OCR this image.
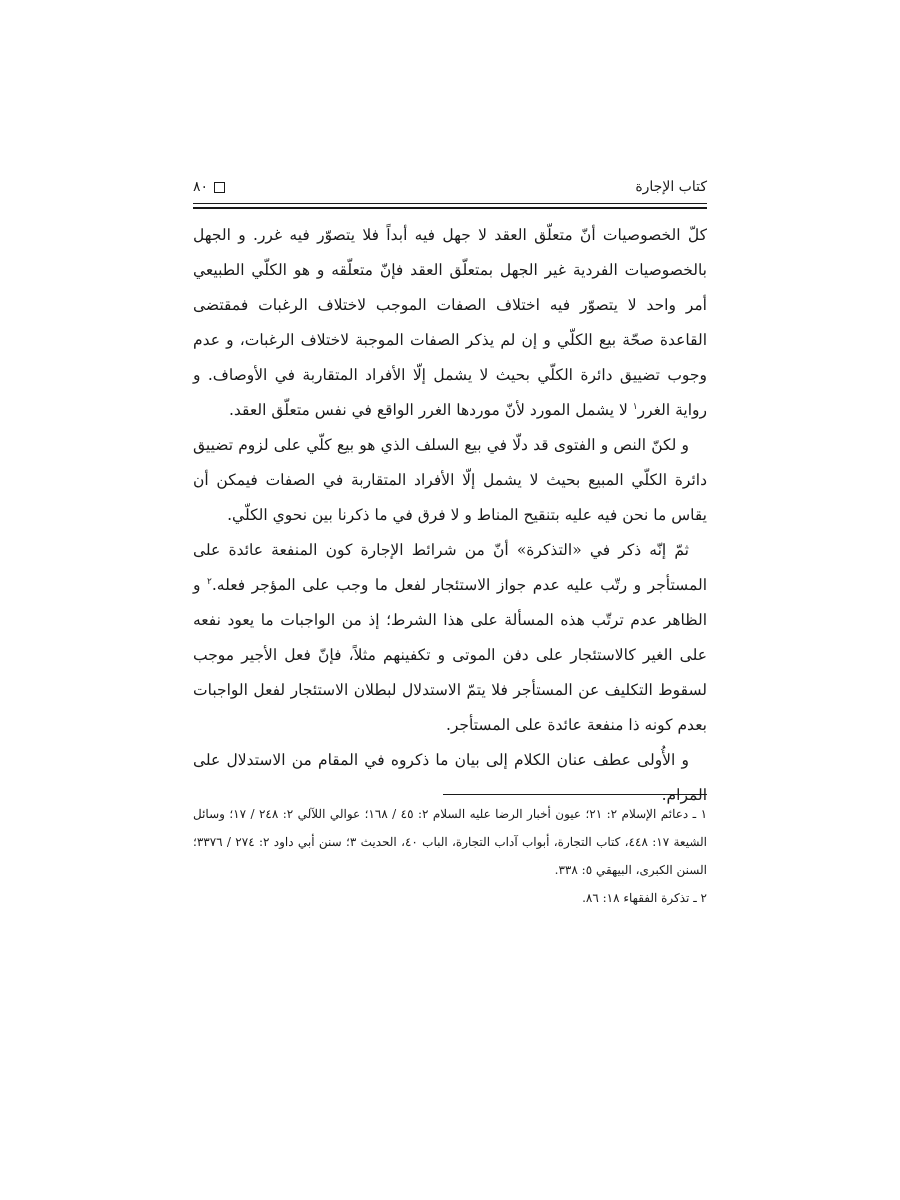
كتاب الإجارة
٨٠

كلّ الخصوصيات أنّ متعلّق العقد لا جهل فيه أبداً فلا يتصوّر فيه غرر. و الجهل بالخصوصيات الفردية غير الجهل بمتعلّق العقد فإنّ متعلّقه و هو الكلّي الطبيعي أمر واحد لا يتصوّر فيه اختلاف الصفات الموجب لاختلاف الرغبات فمقتضى القاعدة صحّة بيع الكلّي و إن لم يذكر الصفات الموجبة لاختلاف الرغبات، و عدم وجوب تضييق دائرة الكلّي بحيث لا يشمل إلّا الأفراد المتقاربة في الأوصاف. و رواية الغرر$^١$ لا يشمل المورد لأنّ موردها الغرر الواقع في نفس متعلّق العقد.

و لكنّ النص و الفتوى قد دلّا في بيع السلف الذي هو بيع كلّي على لزوم تضييق دائرة الكلّي المبيع بحيث لا يشمل إلّا الأفراد المتقاربة في الصفات فيمكن أن يقاس ما نحن فيه عليه بتنقيح المناط و لا فرق في ما ذكرنا بين نحوي الكلّي.

ثمّ إنّه ذكر في «التذكرة» أنّ من شرائط الإجارة كون المنفعة عائدة على المستأجر و رتّب عليه عدم جواز الاستئجار لفعل ما وجب على المؤجر فعله.$^٢$ و الظاهر عدم ترتّب هذه المسألة على هذا الشرط؛ إذ من الواجبات ما يعود نفعه على الغير كالاستئجار على دفن الموتى و تكفينهم مثلاً، فإنّ فعل الأجير موجب لسقوط التكليف عن المستأجر فلا يتمّ الاستدلال لبطلان الاستئجار لفعل الواجبات بعدم كونه ذا منفعة عائدة على المستأجر.

و الأُولى عطف عنان الكلام إلى بيان ما ذكروه في المقام من الاستدلال على المرام.

١ ـ دعائم الإسلام ٢: ٢١؛ عيون أخبار الرضا عليه السلام ٢: ٤٥ / ١٦٨؛ عوالي اللآلي ٢: ٢٤٨ / ١٧؛ وسائل الشيعة ١٧: ٤٤٨، كتاب التجارة، أبواب آداب التجارة، الباب ٤٠، الحديث ٣؛ سنن أبي داود ٢: ٢٧٤ / ٣٣٧٦؛ السنن الكبرى، البيهقي ٥: ٣٣٨.

٢ ـ تذكرة الفقهاء ١٨: ٨٦.
